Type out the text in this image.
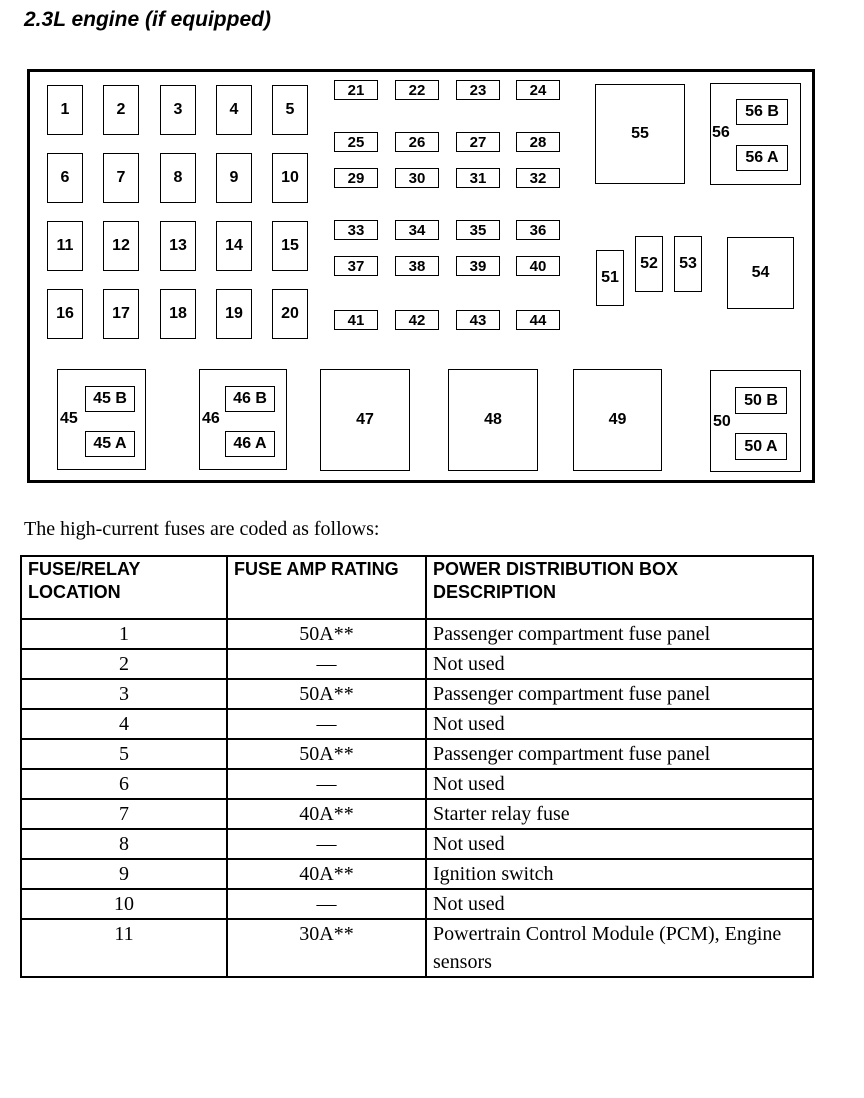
2.3L engine (if equipped)
1	2	3	4	5
6	7	8	9	10
11	12	13	14	15
16	17	18	19	20
21	22	23	24
25	26	27	28
29	30	31	32
33	34	35	36
37	38	39	40
41	42	43	44
55	56
56 B
56 A
51
52	53
54
45
45 B
45 A
46
46 B
46 A
47	48	49	50
50 B
50 A
The high-current fuses are coded as follows:
FUSE/RELAY LOCATION	FUSE AMP RATING	POWER DISTRIBUTION BOX DESCRIPTION
1	50A**	Passenger compartment fuse panel
2	—	Not used
3	50A**	Passenger compartment fuse panel
4	—	Not used
5	50A**	Passenger compartment fuse panel
6	—	Not used
7	40A**	Starter relay fuse
8	—	Not used
9	40A**	Ignition switch
10	—	Not used
11	30A**	Powertrain Control Module (PCM), Engine sensors
